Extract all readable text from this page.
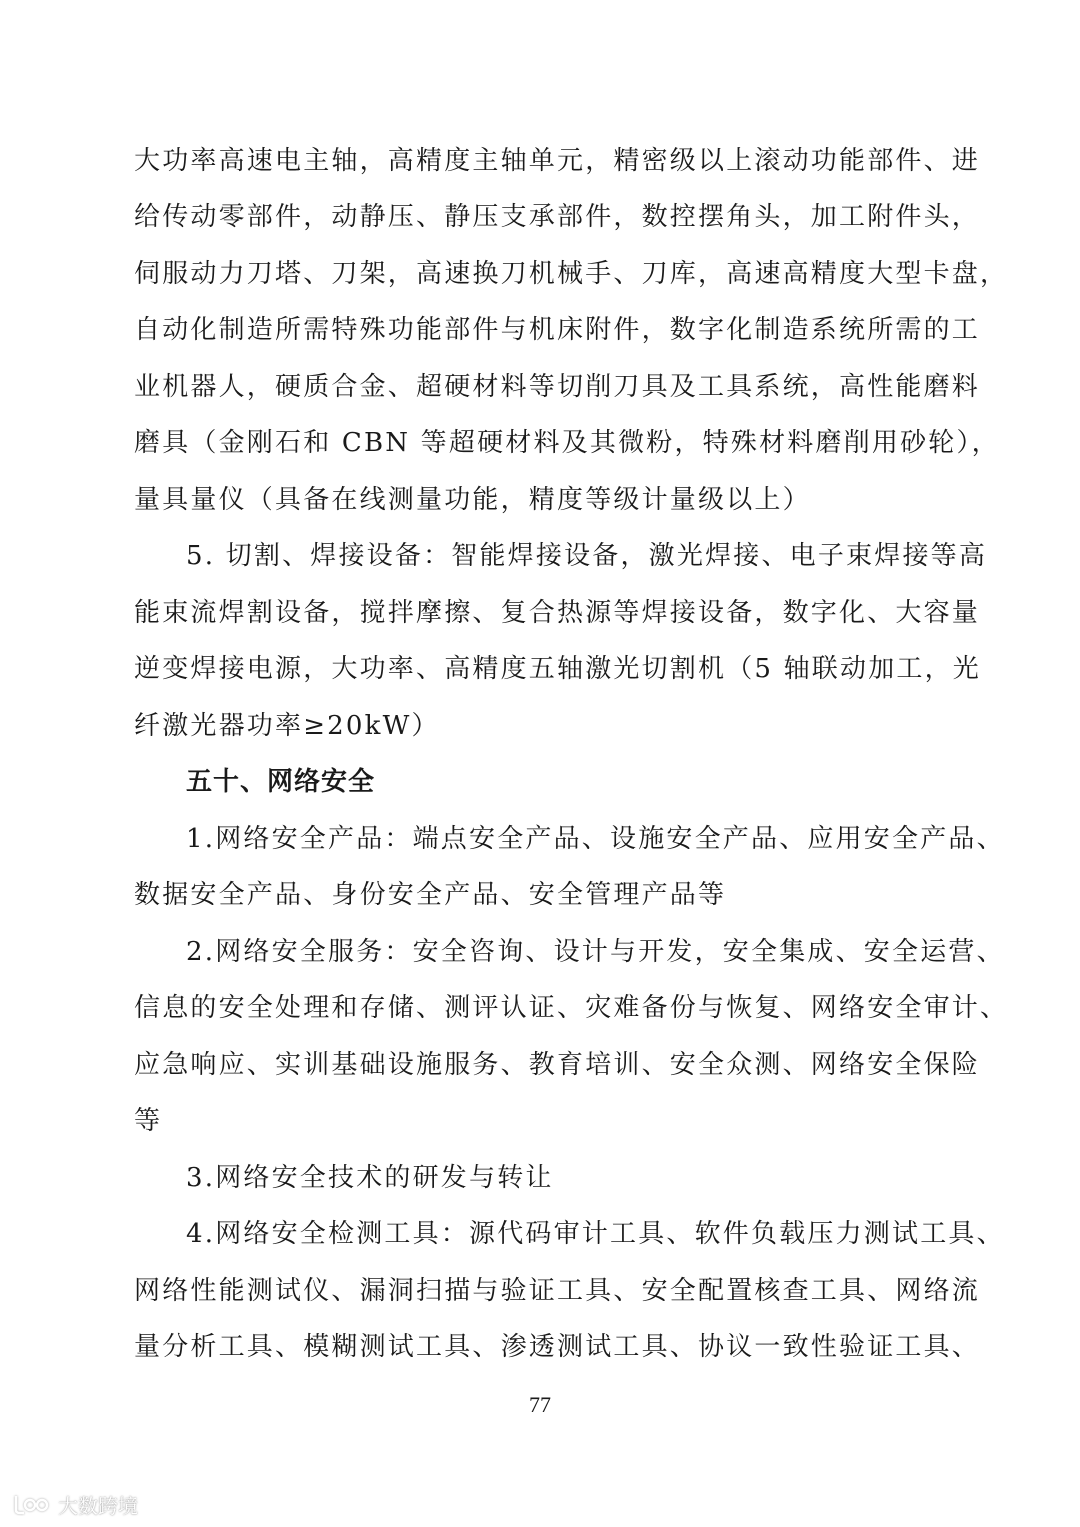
大功率高速电主轴，高精度主轴单元，精密级以上滚动功能部件、进
给传动零部件，动静压、静压支承部件，数控摆角头，加工附件头，
伺服动力刀塔、刀架，高速换刀机械手、刀库，高速高精度大型卡盘，
自动化制造所需特殊功能部件与机床附件，数字化制造系统所需的工
业机器人，硬质合金、超硬材料等切削刀具及工具系统，高性能磨料
磨具（金刚石和 CBN 等超硬材料及其微粉，特殊材料磨削用砂轮），
量具量仪（具备在线测量功能，精度等级计量级以上）
5. 切割、焊接设备：智能焊接设备，激光焊接、电子束焊接等高
能束流焊割设备，搅拌摩擦、复合热源等焊接设备，数字化、大容量
逆变焊接电源，大功率、高精度五轴激光切割机（5 轴联动加工，光
纤激光器功率≥20kW）
五十、网络安全
1.网络安全产品：端点安全产品、设施安全产品、应用安全产品、
数据安全产品、身份安全产品、安全管理产品等
2.网络安全服务：安全咨询、设计与开发，安全集成、安全运营、
信息的安全处理和存储、测评认证、灾难备份与恢复、网络安全审计、
应急响应、实训基础设施服务、教育培训、安全众测、网络安全保险
等
3.网络安全技术的研发与转让
4.网络安全检测工具：源代码审计工具、软件负载压力测试工具、
网络性能测试仪、漏洞扫描与验证工具、安全配置核查工具、网络流
量分析工具、模糊测试工具、渗透测试工具、协议一致性验证工具、
77
大数跨境
